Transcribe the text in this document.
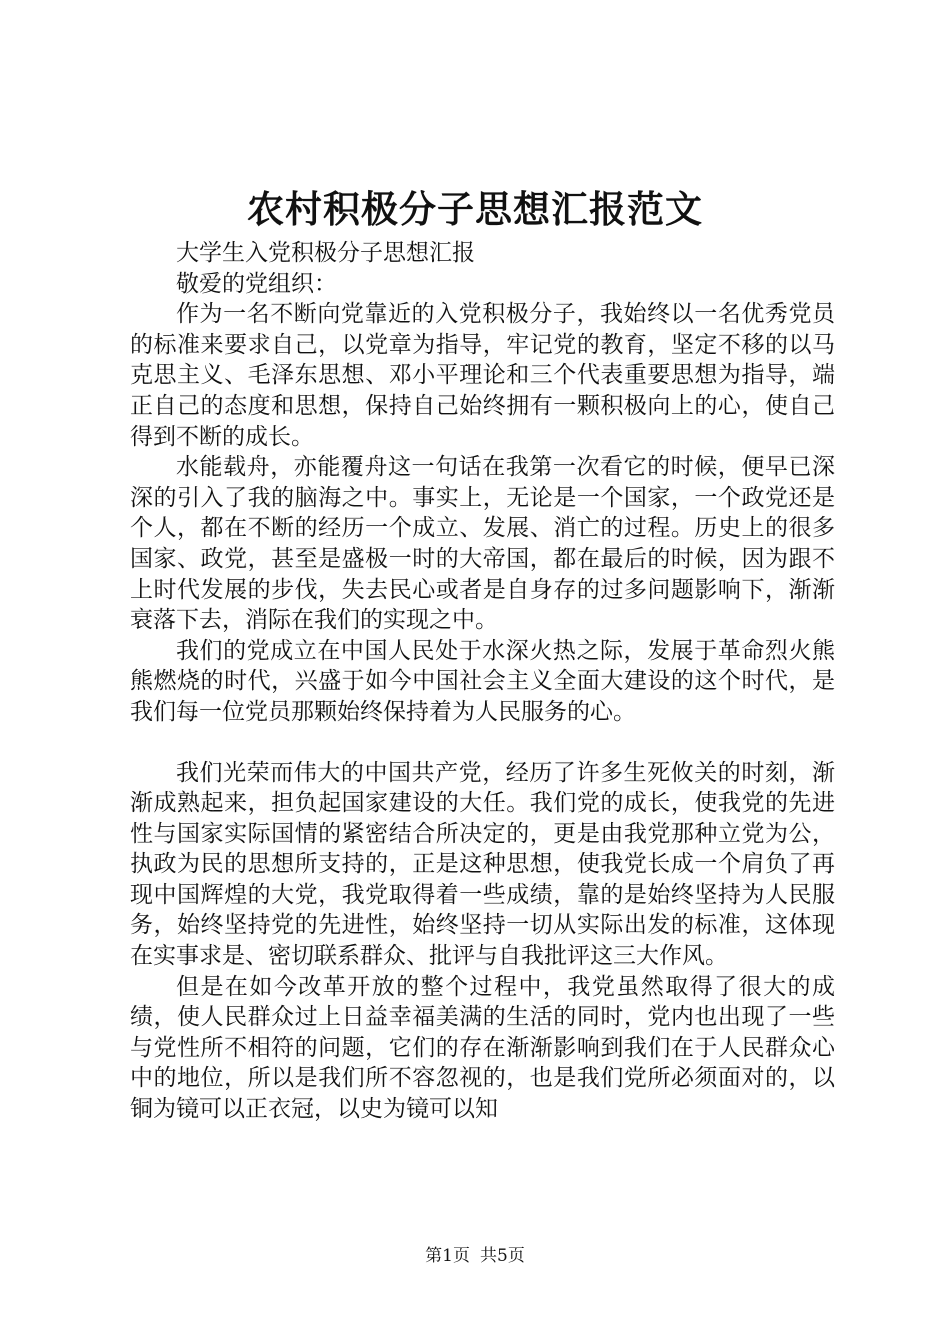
农村积极分子思想汇报范文

大学生入党积极分子思想汇报

敬爱的党组织：

作为一名不断向党靠近的入党积极分子，我始终以一名优秀党员的标准来要求自己，以党章为指导，牢记党的教育，坚定不移的以马克思主义、毛泽东思想、邓小平理论和三个代表重要思想为指导，端正自己的态度和思想，保持自己始终拥有一颗积极向上的心，使自己得到不断的成长。

水能载舟，亦能覆舟这一句话在我第一次看它的时候，便早已深深的引入了我的脑海之中。事实上，无论是一个国家，一个政党还是个人，都在不断的经历一个成立、发展、消亡的过程。历史上的很多国家、政党，甚至是盛极一时的大帝国，都在最后的时候，因为跟不上时代发展的步伐，失去民心或者是自身存的过多问题影响下，渐渐衰落下去，消际在我们的实现之中。

我们的党成立在中国人民处于水深火热之际，发展于革命烈火熊熊燃烧的时代，兴盛于如今中国社会主义全面大建设的这个时代，是我们每一位党员那颗始终保持着为人民服务的心。

我们光荣而伟大的中国共产党，经历了许多生死攸关的时刻，渐渐成熟起来，担负起国家建设的大任。我们党的成长，使我党的先进性与国家实际国情的紧密结合所决定的，更是由我党那种立党为公，执政为民的思想所支持的，正是这种思想，使我党长成一个肩负了再现中国辉煌的大党，我党取得着一些成绩，靠的是始终坚持为人民服务，始终坚持党的先进性，始终坚持一切从实际出发的标准，这体现在实事求是、密切联系群众、批评与自我批评这三大作风。

但是在如今改革开放的整个过程中，我党虽然取得了很大的成绩，使人民群众过上日益幸福美满的生活的同时，党内也出现了一些与党性所不相符的问题，它们的存在渐渐影响到我们在于人民群众心中的地位，所以是我们所不容忽视的，也是我们党所必须面对的，以铜为镜可以正衣冠，以史为镜可以知

第1页 共5页
